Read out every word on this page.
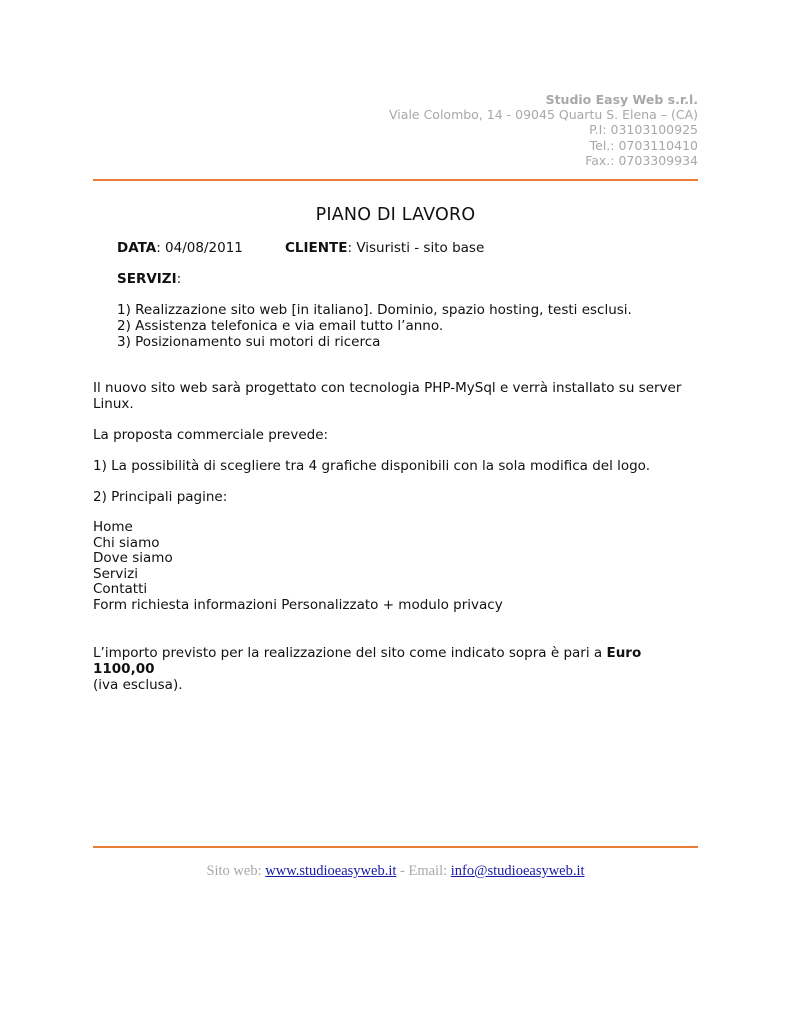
Studio Easy Web s.r.l.
Viale Colombo, 14 - 09045 Quartu S. Elena – (CA)
P.I: 03103100925
Tel.: 0703110410
Fax.: 0703309934
PIANO DI LAVORO
DATA: 04/08/2011	CLIENTE: Visuristi - sito base
SERVIZI:
1) Realizzazione sito web [in italiano]. Dominio, spazio hosting, testi esclusi.
2) Assistenza telefonica e via email tutto l’anno.
3) Posizionamento sui motori di ricerca
Il nuovo sito web sarà progettato con tecnologia PHP-MySql e verrà installato su server Linux.
La proposta commerciale prevede:
1) La possibilità di scegliere tra 4 grafiche disponibili con la sola modifica del logo.
2) Principali pagine:
Home
Chi siamo
Dove siamo
Servizi
Contatti
Form richiesta informazioni Personalizzato + modulo privacy
L’importo previsto per la realizzazione del sito come indicato sopra è pari a Euro 1100,00
(iva esclusa).
Sito web: www.studioeasyweb.it - Email: info@studioeasyweb.it
